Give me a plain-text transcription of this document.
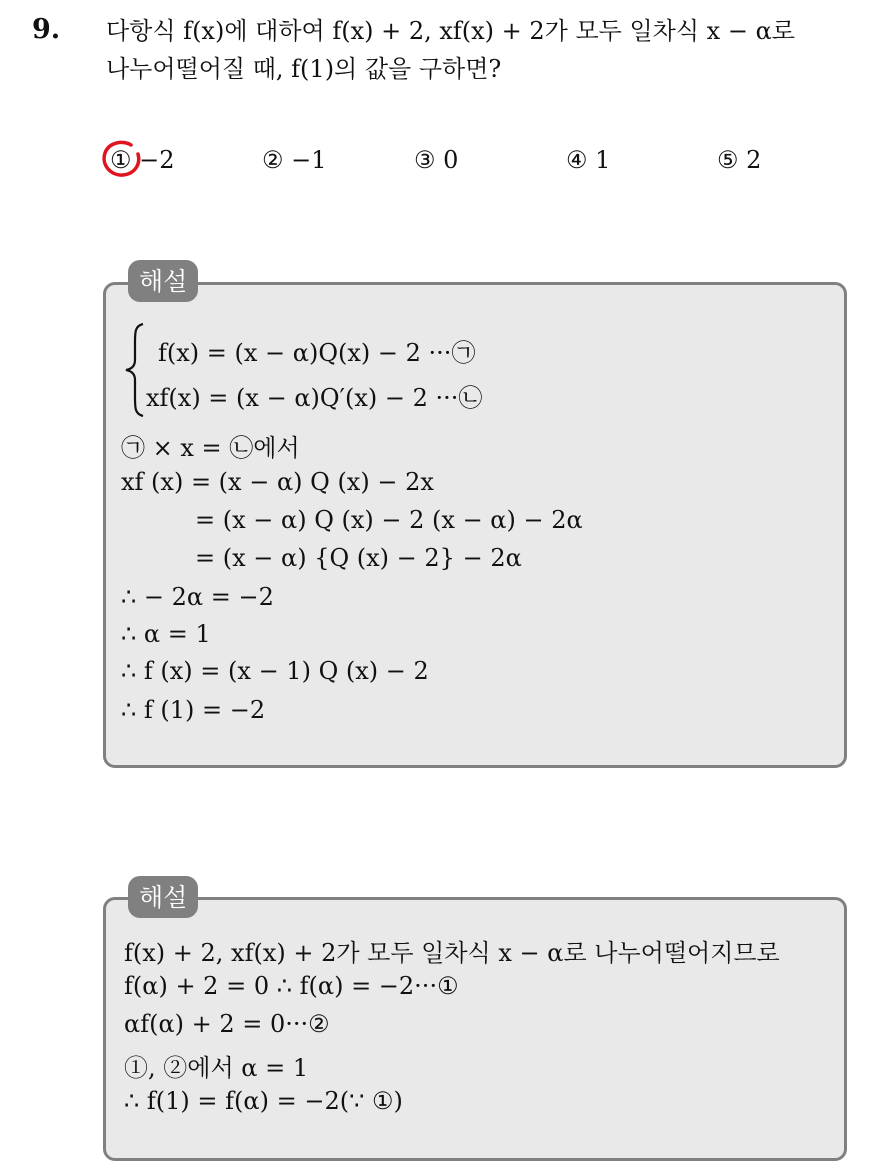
9. 다항식 f(x)에 대하여 f(x) + 2, xf(x) + 2가 모두 일차식 x − α로
나누어떨어질 때, f(1)의 값을 구하면?
① −2	② −1	③ 0	④ 1	⑤ 2
해설
f(x) = (x − α)Q(x) − 2 ···㉠
xf(x) = (x − α)Q′(x) − 2 ···㉡
㉠ × x = ㉡에서
xf (x) = (x − α) Q (x) − 2x
= (x − α) Q (x) − 2 (x − α) − 2α
= (x − α) {Q (x) − 2} − 2α
∴ − 2α = −2
∴ α = 1
∴ f (x) = (x − 1) Q (x) − 2
∴ f (1) = −2
해설
f(x) + 2, xf(x) + 2가 모두 일차식 x − α로 나누어떨어지므로
f(α) + 2 = 0 ∴ f(α) = −2···①
αf(α) + 2 = 0···②
①, ②에서 α = 1
∴ f(1) = f(α) = −2(∵ ①)
